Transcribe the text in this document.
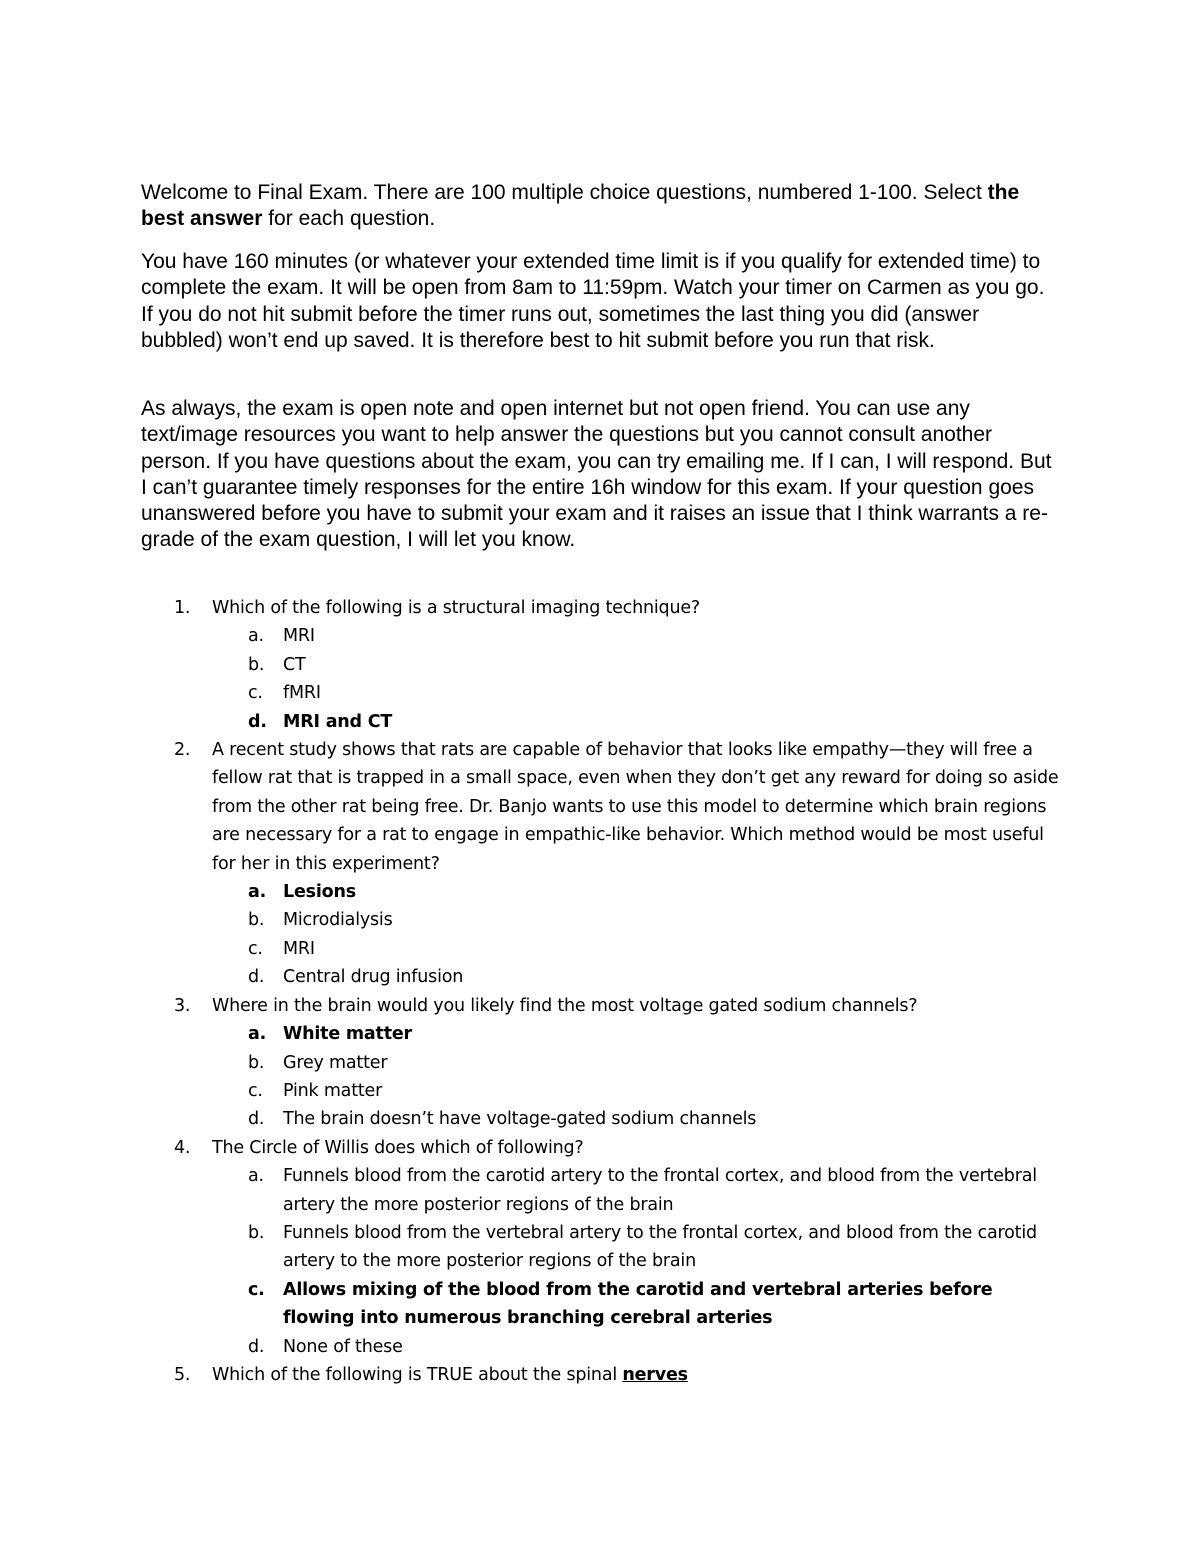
Welcome to Final Exam. There are 100 multiple choice questions, numbered 1-100. Select the best answer for each question.

You have 160 minutes (or whatever your extended time limit is if you qualify for extended time) to complete the exam. It will be open from 8am to 11:59pm. Watch your timer on Carmen as you go. If you do not hit submit before the timer runs out, sometimes the last thing you did (answer bubbled) won’t end up saved. It is therefore best to hit submit before you run that risk.

As always, the exam is open note and open internet but not open friend. You can use any text/image resources you want to help answer the questions but you cannot consult another person. If you have questions about the exam, you can try emailing me. If I can, I will respond. But I can’t guarantee timely responses for the entire 16h window for this exam. If your question goes unanswered before you have to submit your exam and it raises an issue that I think warrants a re-grade of the exam question, I will let you know.

1. Which of the following is a structural imaging technique?
a. MRI
b. CT
c. fMRI
d. MRI and CT
2. A recent study shows that rats are capable of behavior that looks like empathy—they will free a fellow rat that is trapped in a small space, even when they don’t get any reward for doing so aside from the other rat being free. Dr. Banjo wants to use this model to determine which brain regions are necessary for a rat to engage in empathic-like behavior. Which method would be most useful for her in this experiment?
a. Lesions
b. Microdialysis
c. MRI
d. Central drug infusion
3. Where in the brain would you likely find the most voltage gated sodium channels?
a. White matter
b. Grey matter
c. Pink matter
d. The brain doesn’t have voltage-gated sodium channels
4. The Circle of Willis does which of following?
a. Funnels blood from the carotid artery to the frontal cortex, and blood from the vertebral artery the more posterior regions of the brain
b. Funnels blood from the vertebral artery to the frontal cortex, and blood from the carotid artery to the more posterior regions of the brain
c. Allows mixing of the blood from the carotid and vertebral arteries before flowing into numerous branching cerebral arteries
d. None of these
5. Which of the following is TRUE about the spinal nerves
